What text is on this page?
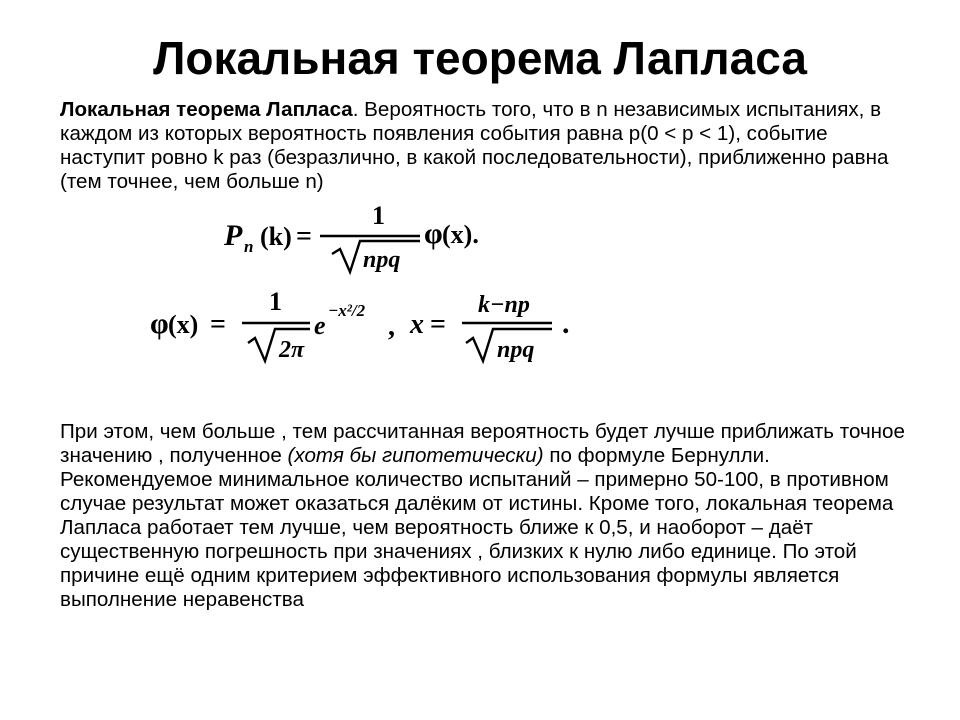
Локальная теорема Лапласа

Локальная теорема Лапласа. Вероятность того, что в n независимых испытаниях, в каждом из которых вероятность появления события равна p(0 < p < 1), событие наступит ровно k раз (безразлично, в какой последовательности), приближенно равна (тем точнее, чем больше n)

P n (k) =
1
npq
φ (x).
φ (x) =
1
2π
e
−x²/2
, x =
k−np
npq
.

При этом, чем больше , тем рассчитанная вероятность будет лучше приближать точное значению , полученное (хотя бы гипотетически) по формуле Бернулли. Рекомендуемое минимальное количество испытаний – примерно 50-100, в противном случае результат может оказаться далёким от истины. Кроме того, локальная теорема Лапласа работает тем лучше, чем вероятность ближе к 0,5, и наоборот – даёт существенную погрешность при значениях , близких к нулю либо единице. По этой причине ещё одним критерием эффективного использования формулы является выполнение неравенства
